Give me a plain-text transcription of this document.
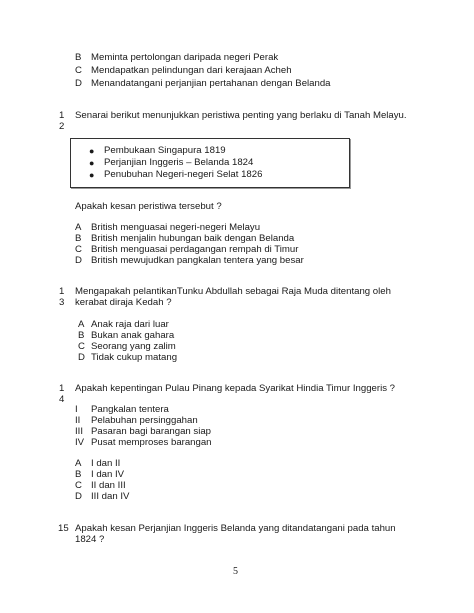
B Meminta pertolongan daripada negeri Perak
C Mendapatkan pelindungan dari kerajaan Acheh
D Menandatangani perjanjian pertahanan dengan Belanda
1
2
Senarai berikut menunjukkan peristiwa penting yang berlaku di Tanah Melayu.
● Pembukaan Singapura 1819
● Perjanjian Inggeris – Belanda 1824
● Penubuhan Negeri-negeri Selat 1826
Apakah kesan peristiwa tersebut ?
A British menguasai negeri-negeri Melayu
B British menjalin hubungan baik dengan Belanda
C British menguasai perdagangan rempah di Timur
D British mewujudkan pangkalan tentera yang besar
1
3
Mengapakah pelantikanTunku Abdullah sebagai Raja Muda ditentang oleh
kerabat diraja Kedah ?
A Anak raja dari luar
B Bukan anak gahara
C Seorang yang zalim
D Tidak cukup matang
1
4
Apakah kepentingan Pulau Pinang kepada Syarikat Hindia Timur Inggeris ?
I Pangkalan tentera
II Pelabuhan persinggahan
III Pasaran bagi barangan siap
IV Pusat memproses barangan
A I dan II
B I dan IV
C II dan III
D III dan IV
15 Apakah kesan Perjanjian Inggeris Belanda yang ditandatangani pada tahun
1824 ?
5
